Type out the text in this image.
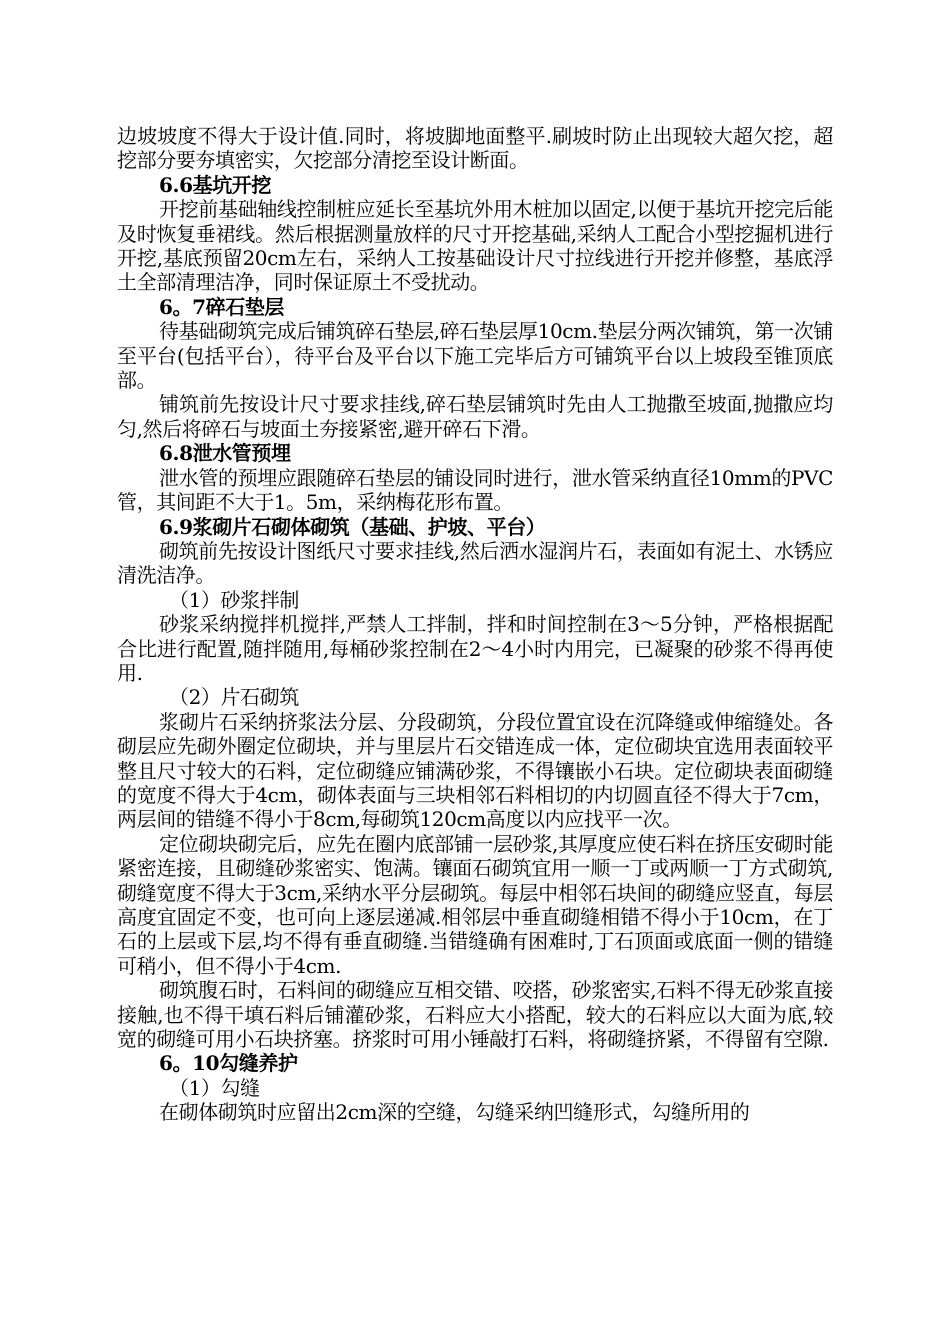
边坡坡度不得大于设计值.同时，将坡脚地面整平.刷坡时防止出现较大超欠挖，超挖部分要夯填密实，欠挖部分清挖至设计断面。

6.6基坑开挖

开挖前基础轴线控制桩应延长至基坑外用木桩加以固定,以便于基坑开挖完后能及时恢复垂裙线。然后根据测量放样的尺寸开挖基础,采纳人工配合小型挖掘机进行开挖,基底预留20cm左右，采纳人工按基础设计尺寸拉线进行开挖并修整，基底浮土全部清理洁净，同时保证原土不受扰动。

6。7碎石垫层

待基础砌筑完成后铺筑碎石垫层,碎石垫层厚10cm.垫层分两次铺筑，第一次铺至平台(包括平台），待平台及平台以下施工完毕后方可铺筑平台以上坡段至锥顶底部。

铺筑前先按设计尺寸要求挂线,碎石垫层铺筑时先由人工抛撒至坡面,抛撒应均匀,然后将碎石与坡面土夯接紧密,避开碎石下滑。

6.8泄水管预埋

泄水管的预埋应跟随碎石垫层的铺设同时进行，泄水管采纳直径10mm的PVC管，其间距不大于1。5m，采纳梅花形布置。

6.9浆砌片石砌体砌筑（基础、护坡、平台）

砌筑前先按设计图纸尺寸要求挂线,然后洒水湿润片石，表面如有泥土、水锈应清洗洁净。

（1）砂浆拌制

砂浆采纳搅拌机搅拌,严禁人工拌制，拌和时间控制在3～5分钟，严格根据配合比进行配置,随拌随用,每桶砂浆控制在2～4小时内用完，已凝聚的砂浆不得再使用.

（2）片石砌筑

浆砌片石采纳挤浆法分层、分段砌筑，分段位置宜设在沉降缝或伸缩缝处。各砌层应先砌外圈定位砌块，并与里层片石交错连成一体，定位砌块宜选用表面较平整且尺寸较大的石料，定位砌缝应铺满砂浆，不得镶嵌小石块。定位砌块表面砌缝的宽度不得大于4cm，砌体表面与三块相邻石料相切的内切圆直径不得大于7cm，两层间的错缝不得小于8cm,每砌筑120cm高度以内应找平一次。

定位砌块砌完后，应先在圈内底部铺一层砂浆,其厚度应使石料在挤压安砌时能紧密连接，且砌缝砂浆密实、饱满。镶面石砌筑宜用一顺一丁或两顺一丁方式砌筑,砌缝宽度不得大于3cm,采纳水平分层砌筑。每层中相邻石块间的砌缝应竖直，每层高度宜固定不变，也可向上逐层递减.相邻层中垂直砌缝相错不得小于10cm，在丁石的上层或下层,均不得有垂直砌缝.当错缝确有困难时,丁石顶面或底面一侧的错缝可稍小，但不得小于4cm.

砌筑腹石时，石料间的砌缝应互相交错、咬搭，砂浆密实,石料不得无砂浆直接接触,也不得干填石料后铺灌砂浆，石料应大小搭配，较大的石料应以大面为底,较宽的砌缝可用小石块挤塞。挤浆时可用小锤敲打石料，将砌缝挤紧，不得留有空隙.

6。10勾缝养护

（1）勾缝

在砌体砌筑时应留出2cm深的空缝，勾缝采纳凹缝形式，勾缝所用的
